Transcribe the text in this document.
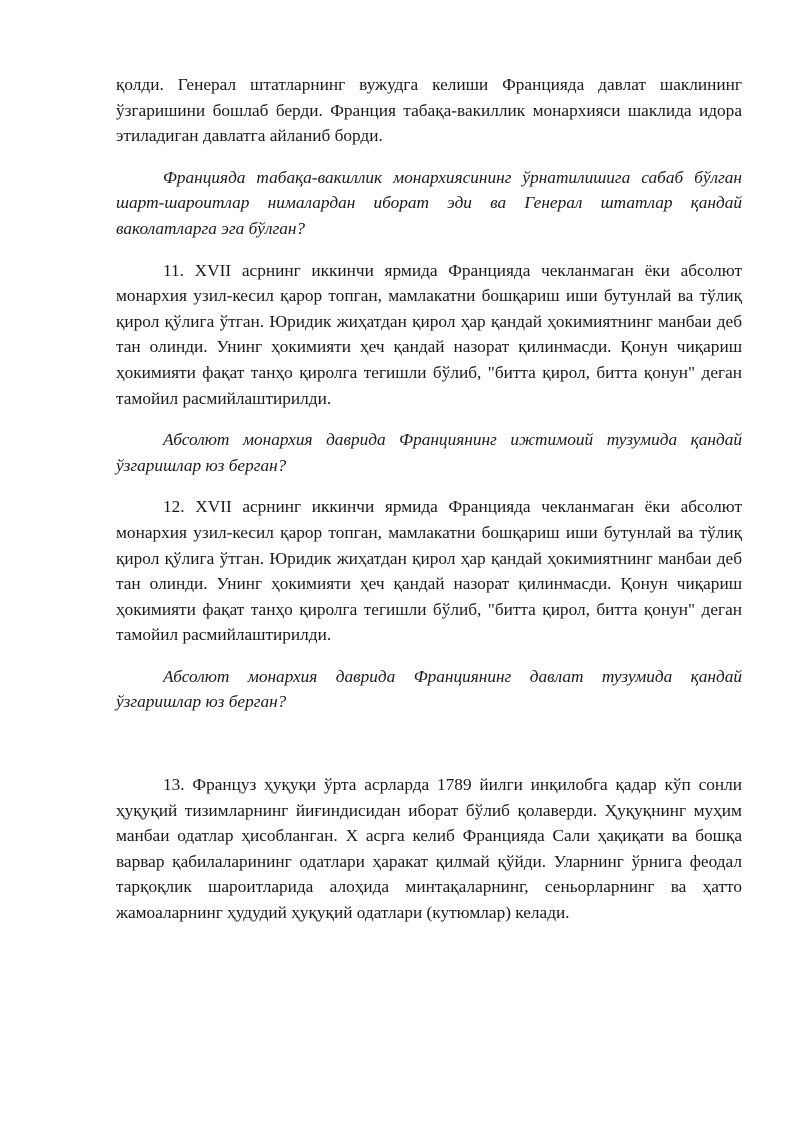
қолди. Генерал штатларнинг вужудга келиши Францияда давлат шаклининг ўзгаришини бошлаб берди. Франция табақа-вакиллик монархияси шаклида идора этиладиган давлатга айланиб борди.

Францияда табақа-вакиллик монархиясининг ўрнатилишига сабаб бўлган шарт-шароитлар нималардан иборат эди ва Генерал штатлар қандай ваколатларга эга бўлган?

11. XVII асрнинг иккинчи ярмида Францияда чекланмаган ёки абсолют монархия узил-кесил қарор топган, мамлакатни бошқариш иши бутунлай ва тўлиқ қирол қўлига ўтган. Юридик жиҳатдан қирол ҳар қандай ҳокимиятнинг манбаи деб тан олинди. Унинг ҳокимияти ҳеч қандай назорат қилинмасди. Қонун чиқариш ҳокимияти фақат танҳо қиролга тегишли бўлиб, "битта қирол, битта қонун" деган тамойил расмийлаштирилди.

Абсолют монархия даврида Франциянинг ижтимоий тузумида қандай ўзгаришлар юз берган?

12. XVII асрнинг иккинчи ярмида Францияда чекланмаган ёки абсолют монархия узил-кесил қарор топган, мамлакатни бошқариш иши бутунлай ва тўлиқ қирол қўлига ўтган. Юридик жиҳатдан қирол ҳар қандай ҳокимиятнинг манбаи деб тан олинди. Унинг ҳокимияти ҳеч қандай назорат қилинмасди. Қонун чиқариш ҳокимияти фақат танҳо қиролга тегишли бўлиб, "битта қирол, битта қонун" деган тамойил расмийлаштирилди.

Абсолют монархия даврида Франциянинг давлат тузумида қандай ўзгаришлар юз берган?

13. Француз ҳуқуқи ўрта асрларда 1789 йилги инқилобга қадар кўп сонли ҳуқуқий тизимларнинг йиғиндисидан иборат бўлиб қолаверди. Ҳуқуқнинг муҳим манбаи одатлар ҳисобланган. X асрга келиб Францияда Сали ҳақиқати ва бошқа варвар қабилаларининг одатлари ҳаракат қилмай қўйди. Уларнинг ўрнига феодал тарқоқлик шароитларида алоҳида минтақаларнинг, сеньорларнинг ва ҳатто жамоаларнинг ҳудудий ҳуқуқий одатлари (кутюмлар) келади.
